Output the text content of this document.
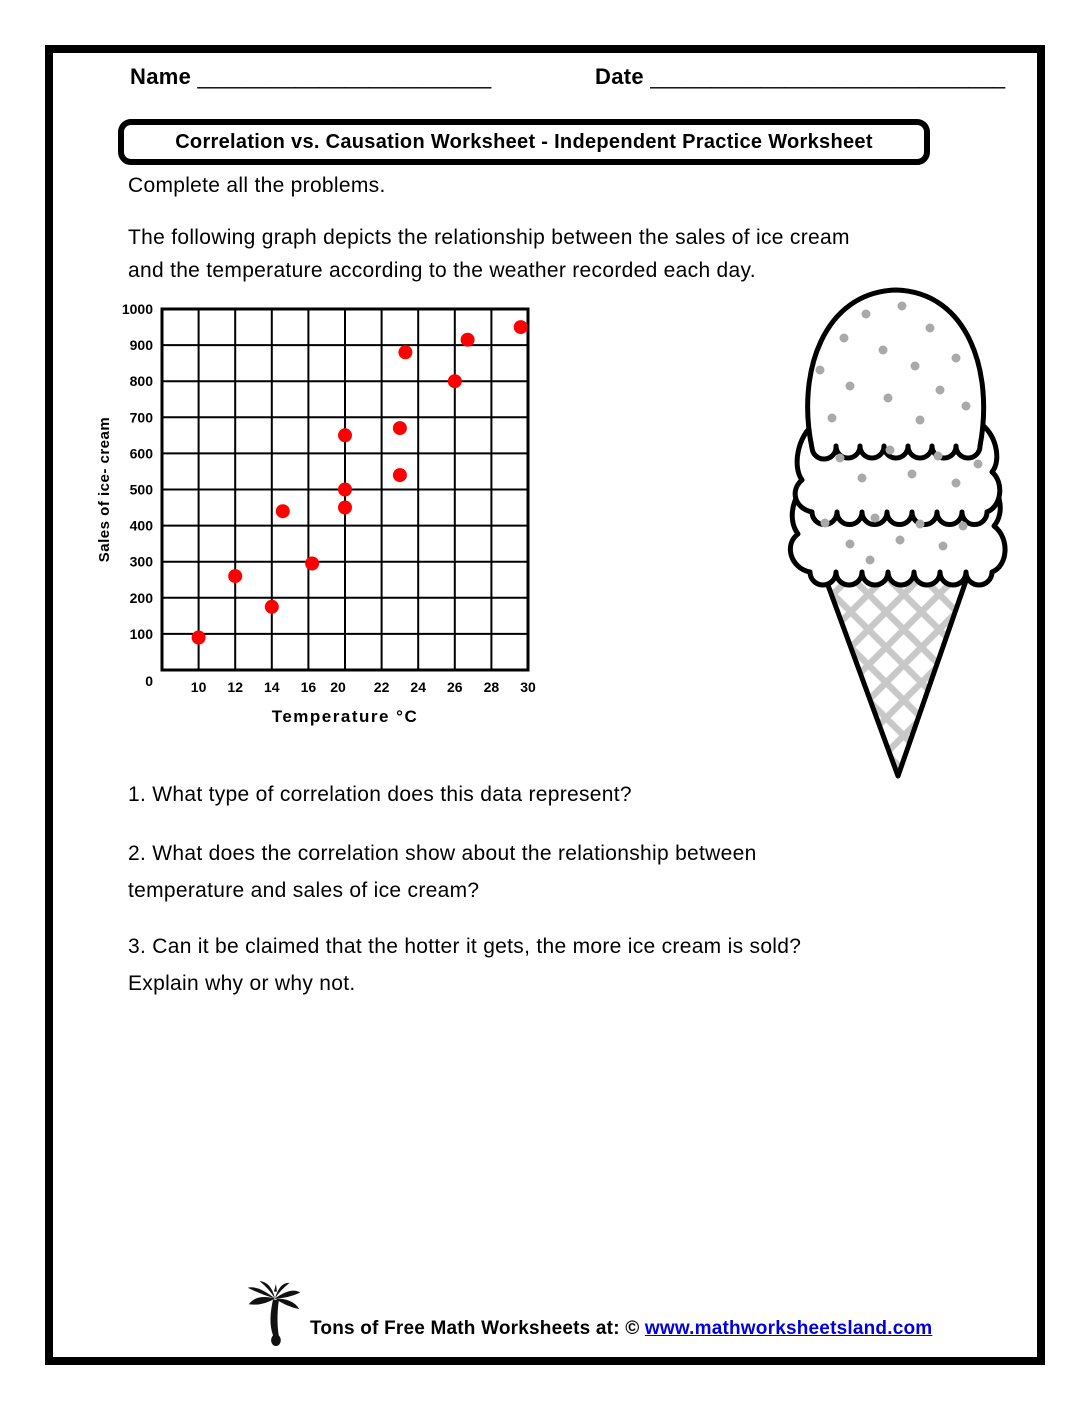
Name ________________________	Date _____________________________
Correlation vs. Causation Worksheet - Independent Practice Worksheet
Complete all the problems.
The following graph depicts the relationship between the sales of ice cream
and the temperature according to the weather recorded each day.
1000
900
800
700
600
500
400
300
200
100
0	10 12 14 16 20 22 24 26 28 30
Temperature °C
Sales of ice- cream
1. What type of correlation does this data represent?
2. What does the correlation show about the relationship between
temperature and sales of ice cream?
3. Can it be claimed that the hotter it gets, the more ice cream is sold?
Explain why or why not.
Tons of Free Math Worksheets at: © www.mathworksheetsland.com
